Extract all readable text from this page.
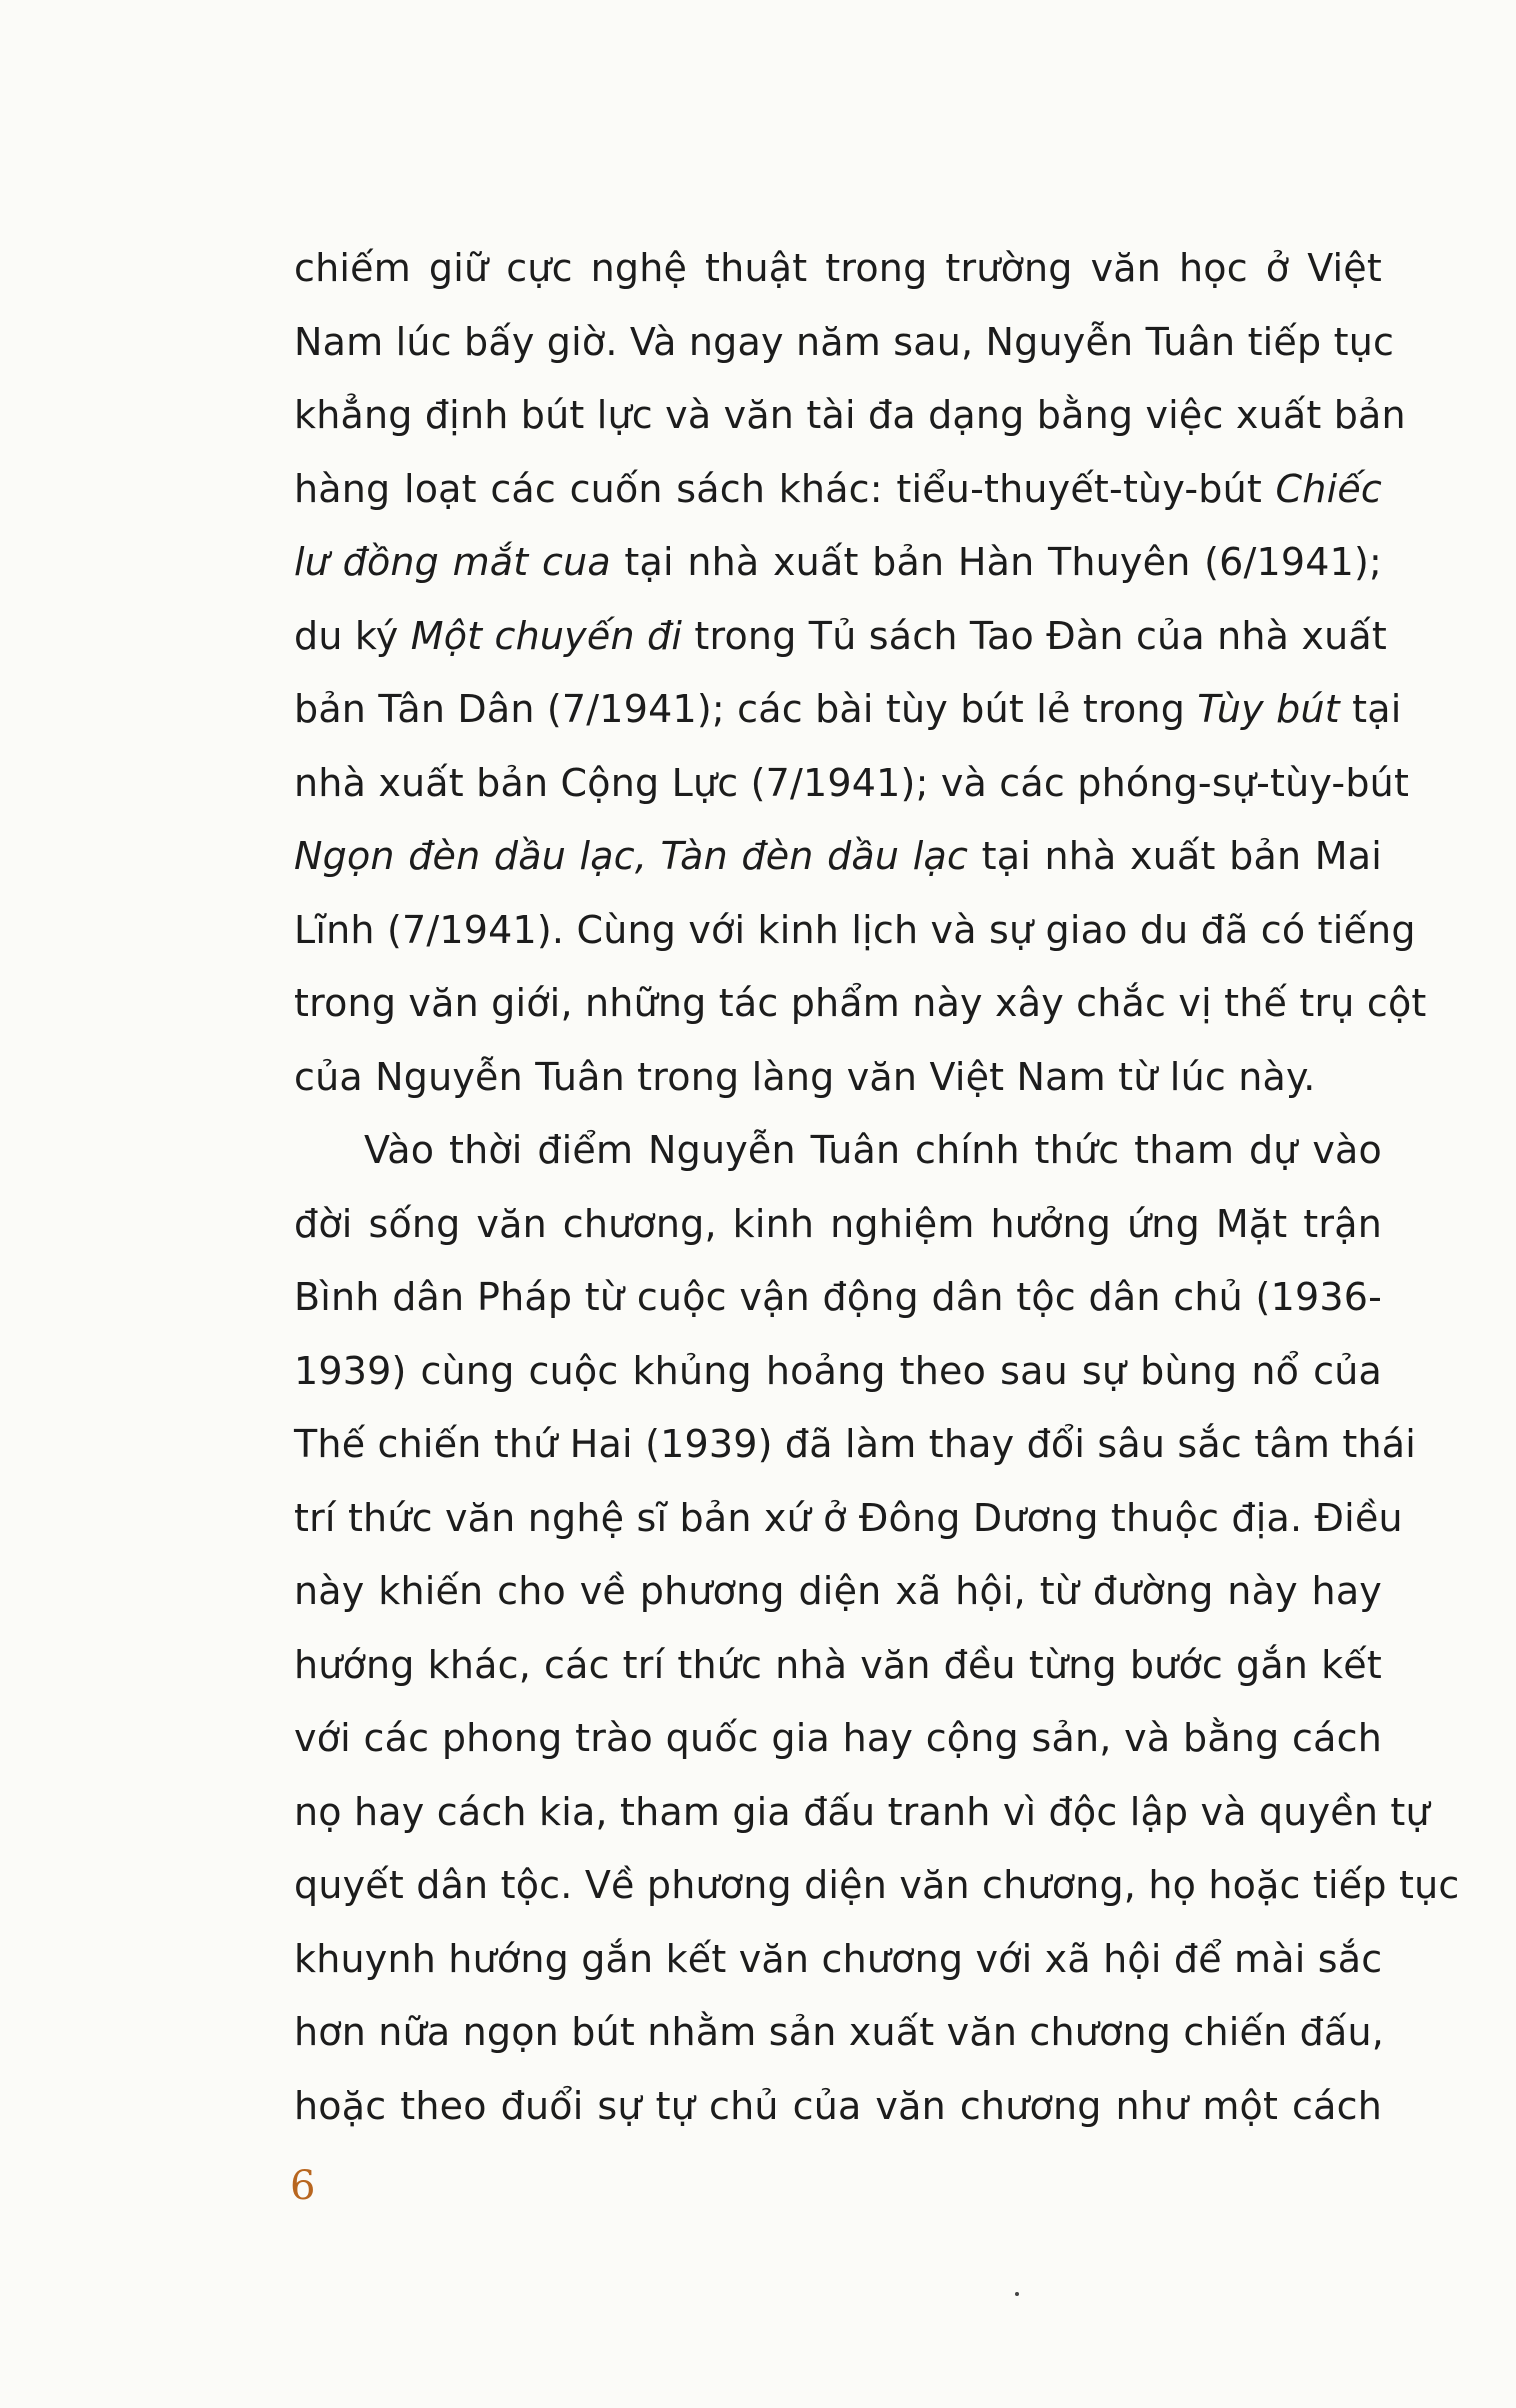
chiếm giữ cực nghệ thuật trong trường văn học ở Việt
Nam lúc bấy giờ. Và ngay năm sau, Nguyễn Tuân tiếp tục
khẳng định bút lực và văn tài đa dạng bằng việc xuất bản
hàng loạt các cuốn sách khác: tiểu-thuyết-tùy-bút Chiếc
lư đồng mắt cua tại nhà xuất bản Hàn Thuyên (6/1941);
du ký Một chuyến đi trong Tủ sách Tao Đàn của nhà xuất
bản Tân Dân (7/1941); các bài tùy bút lẻ trong Tùy bút tại
nhà xuất bản Cộng Lực (7/1941); và các phóng-sự-tùy-bút
Ngọn đèn dầu lạc, Tàn đèn dầu lạc tại nhà xuất bản Mai
Lĩnh (7/1941). Cùng với kinh lịch và sự giao du đã có tiếng
trong văn giới, những tác phẩm này xây chắc vị thế trụ cột
của Nguyễn Tuân trong làng văn Việt Nam từ lúc này.
Vào thời điểm Nguyễn Tuân chính thức tham dự vào
đời sống văn chương, kinh nghiệm hưởng ứng Mặt trận
Bình dân Pháp từ cuộc vận động dân tộc dân chủ (1936-
1939) cùng cuộc khủng hoảng theo sau sự bùng nổ của
Thế chiến thứ Hai (1939) đã làm thay đổi sâu sắc tâm thái
trí thức văn nghệ sĩ bản xứ ở Đông Dương thuộc địa. Điều
này khiến cho về phương diện xã hội, từ đường này hay
hướng khác, các trí thức nhà văn đều từng bước gắn kết
với các phong trào quốc gia hay cộng sản, và bằng cách
nọ hay cách kia, tham gia đấu tranh vì độc lập và quyền tự
quyết dân tộc. Về phương diện văn chương, họ hoặc tiếp tục
khuynh hướng gắn kết văn chương với xã hội để mài sắc
hơn nữa ngọn bút nhằm sản xuất văn chương chiến đấu,
hoặc theo đuổi sự tự chủ của văn chương như một cách
6
